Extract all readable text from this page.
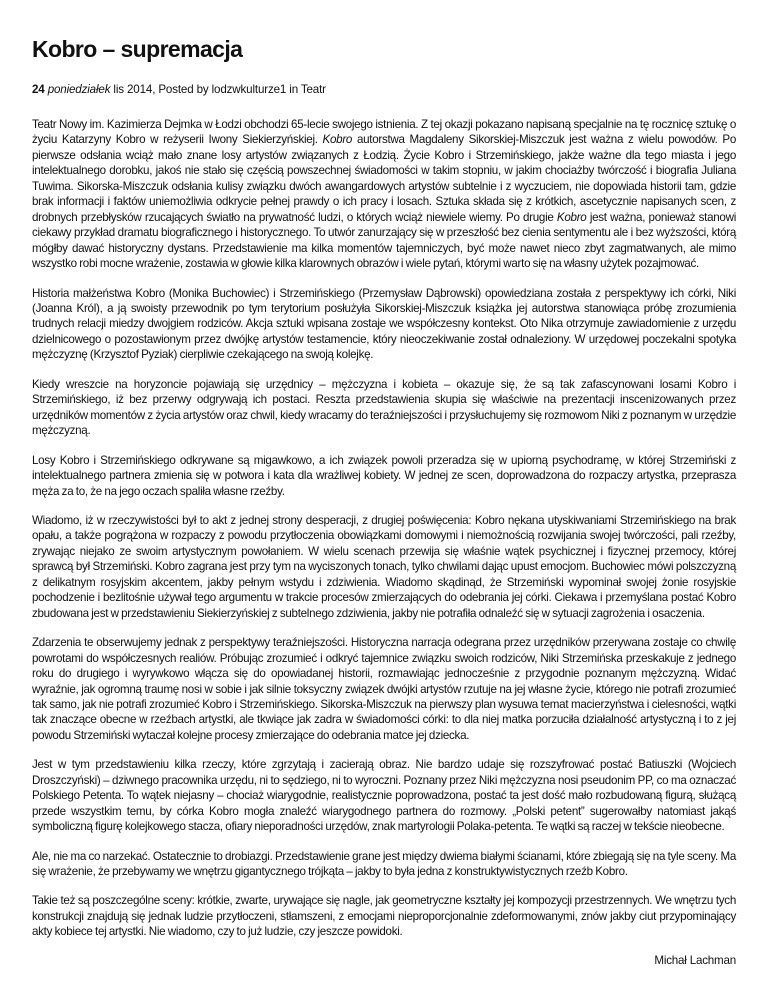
Kobro – supremacja
24 poniedziałek lis 2014, Posted by lodzwkulturze1 in Teatr

Teatr Nowy im. Kazimierza Dejmka w Łodzi obchodzi 65-lecie swojego istnienia. Z tej okazji pokazano napisaną specjalnie na tę rocznicę sztukę o życiu Katarzyny Kobro w reżyserii Iwony Siekierzyńskiej. Kobro autorstwa Magdaleny Sikorskiej-Miszczuk jest ważna z wielu powodów. Po pierwsze odsłania wciąż mało znane losy artystów związanych z Łodzią. Życie Kobro i Strzemińskiego, jakże ważne dla tego miasta i jego intelektualnego dorobku, jakoś nie stało się częścią powszechnej świadomości w takim stopniu, w jakim chociażby twórczość i biografia Juliana Tuwima. Sikorska-Miszczuk odsłania kulisy związku dwóch awangardowych artystów subtelnie i z wyczuciem, nie dopowiada historii tam, gdzie brak informacji i faktów uniemożliwia odkrycie pełnej prawdy o ich pracy i losach. Sztuka składa się z krótkich, ascetycznie napisanych scen, z drobnych przebłysków rzucających światło na prywatność ludzi, o których wciąż niewiele wiemy. Po drugie Kobro jest ważna, ponieważ stanowi ciekawy przykład dramatu biograficznego i historycznego. To utwór zanurzający się w przeszłość bez cienia sentymentu ale i bez wyższości, którą mógłby dawać historyczny dystans. Przedstawienie ma kilka momentów tajemniczych, być może nawet nieco zbyt zagmatwanych, ale mimo wszystko robi mocne wrażenie, zostawia w głowie kilka klarownych obrazów i wiele pytań, którymi warto się na własny użytek pozajmować.

Historia małżeństwa Kobro (Monika Buchowiec) i Strzemińskiego (Przemysław Dąbrowski) opowiedziana została z perspektywy ich córki, Niki (Joanna Król), a ją swoisty przewodnik po tym terytorium posłużyła Sikorskiej-Miszczuk książka jej autorstwa stanowiąca próbę zrozumienia trudnych relacji miedzy dwojgiem rodziców. Akcja sztuki wpisana zostaje we współczesny kontekst. Oto Nika otrzymuje zawiadomienie z urzędu dzielnicowego o pozostawionym przez dwójkę artystów testamencie, który nieoczekiwanie został odnaleziony. W urzędowej poczekalni spotyka mężczyznę (Krzysztof Pyziak) cierpliwie czekającego na swoją kolejkę.

Kiedy wreszcie na horyzoncie pojawiają się urzędnicy – mężczyzna i kobieta – okazuje się, że są tak zafascynowani losami Kobro i Strzemińskiego, iż bez przerwy odgrywają ich postaci. Reszta przedstawienia skupia się właściwie na prezentacji inscenizowanych przez urzędników momentów z życia artystów oraz chwil, kiedy wracamy do teraźniejszości i przysłuchujemy się rozmowom Niki z poznanym w urzędzie mężczyzną.

Losy Kobro i Strzemińskiego odkrywane są migawkowo, a ich związek powoli przeradza się w upiorną psychodramę, w której Strzemiński z intelektualnego partnera zmienia się w potwora i kata dla wrażliwej kobiety. W jednej ze scen, doprowadzona do rozpaczy artystka, przeprasza męża za to, że na jego oczach spaliła własne rzeźby.

Wiadomo, iż w rzeczywistości był to akt z jednej strony desperacji, z drugiej poświęcenia: Kobro nękana utyskiwaniami Strzemińskiego na brak opału, a także pogrążona w rozpaczy z powodu przytłoczenia obowiązkami domowymi i niemożnością rozwijania swojej twórczości, pali rzeźby, zrywając niejako ze swoim artystycznym powołaniem. W wielu scenach przewija się właśnie wątek psychicznej i fizycznej przemocy, której sprawcą był Strzemiński. Kobro zagrana jest przy tym na wyciszonych tonach, tylko chwilami dając upust emocjom. Buchowiec mówi polszczyzną z delikatnym rosyjskim akcentem, jakby pełnym wstydu i zdziwienia. Wiadomo skądinąd, że Strzemiński wypominał swojej żonie rosyjskie pochodzenie i bezlitośnie używał tego argumentu w trakcie procesów zmierzających do odebrania jej córki. Ciekawa i przemyślana postać Kobro zbudowana jest w przedstawieniu Siekierzyńskiej z subtelnego zdziwienia, jakby nie potrafiła odnaleźć się w sytuacji zagrożenia i osaczenia.

Zdarzenia te obserwujemy jednak z perspektywy teraźniejszości. Historyczna narracja odegrana przez urzędników przerywana zostaje co chwilę powrotami do współczesnych realiów. Próbując zrozumieć i odkryć tajemnice związku swoich rodziców, Niki Strzemińska przeskakuje z jednego roku do drugiego i wyrywkowo włącza się do opowiadanej historii, rozmawiając jednocześnie z przygodnie poznanym mężczyzną. Widać wyraźnie, jak ogromną traumę nosi w sobie i jak silnie toksyczny związek dwójki artystów rzutuje na jej własne życie, którego nie potrafi zrozumieć tak samo, jak nie potrafi zrozumieć Kobro i Strzemińskiego. Sikorska-Miszczuk na pierwszy plan wysuwa temat macierzyństwa i cielesności, wątki tak znaczące obecne w rzeźbach artystki, ale tkwiące jak zadra w świadomości córki: to dla niej matka porzuciła działalność artystyczną i to z jej powodu Strzemiński wytaczał kolejne procesy zmierzające do odebrania matce jej dziecka.

Jest w tym przedstawieniu kilka rzeczy, które zgrzytają i zacierają obraz. Nie bardzo udaje się rozszyfrować postać Batiuszki (Wojciech Droszczyński) – dziwnego pracownika urzędu, ni to sędziego, ni to wyroczni. Poznany przez Niki mężczyzna nosi pseudonim PP, co ma oznaczać Polskiego Petenta. To wątek niejasny – chociaż wiarygodnie, realistycznie poprowadzona, postać ta jest dość mało rozbudowaną figurą, służącą przede wszystkim temu, by córka Kobro mogła znaleźć wiarygodnego partnera do rozmowy. „Polski petent” sugerowałby natomiast jakąś symboliczną figurę kolejkowego stacza, ofiary nieporadności urzędów, znak martyrologii Polaka-petenta. Te wątki są raczej w tekście nieobecne.

Ale, nie ma co narzekać. Ostatecznie to drobiazgi. Przedstawienie grane jest między dwiema białymi ścianami, które zbiegają się na tyle sceny. Ma się wrażenie, że przebywamy we wnętrzu gigantycznego trójkąta – jakby to była jedna z konstruktywistycznych rzeźb Kobro.

Takie też są poszczególne sceny: krótkie, zwarte, urywające się nagle, jak geometryczne kształty jej kompozycji przestrzennych. We wnętrzu tych konstrukcji znajdują się jednak ludzie przytłoczeni, stłamszeni, z emocjami nieproporcjonalnie zdeformowanymi, znów jakby ciut przypominający akty kobiece tej artystki. Nie wiadomo, czy to już ludzie, czy jeszcze powidoki.

Michał Lachman
